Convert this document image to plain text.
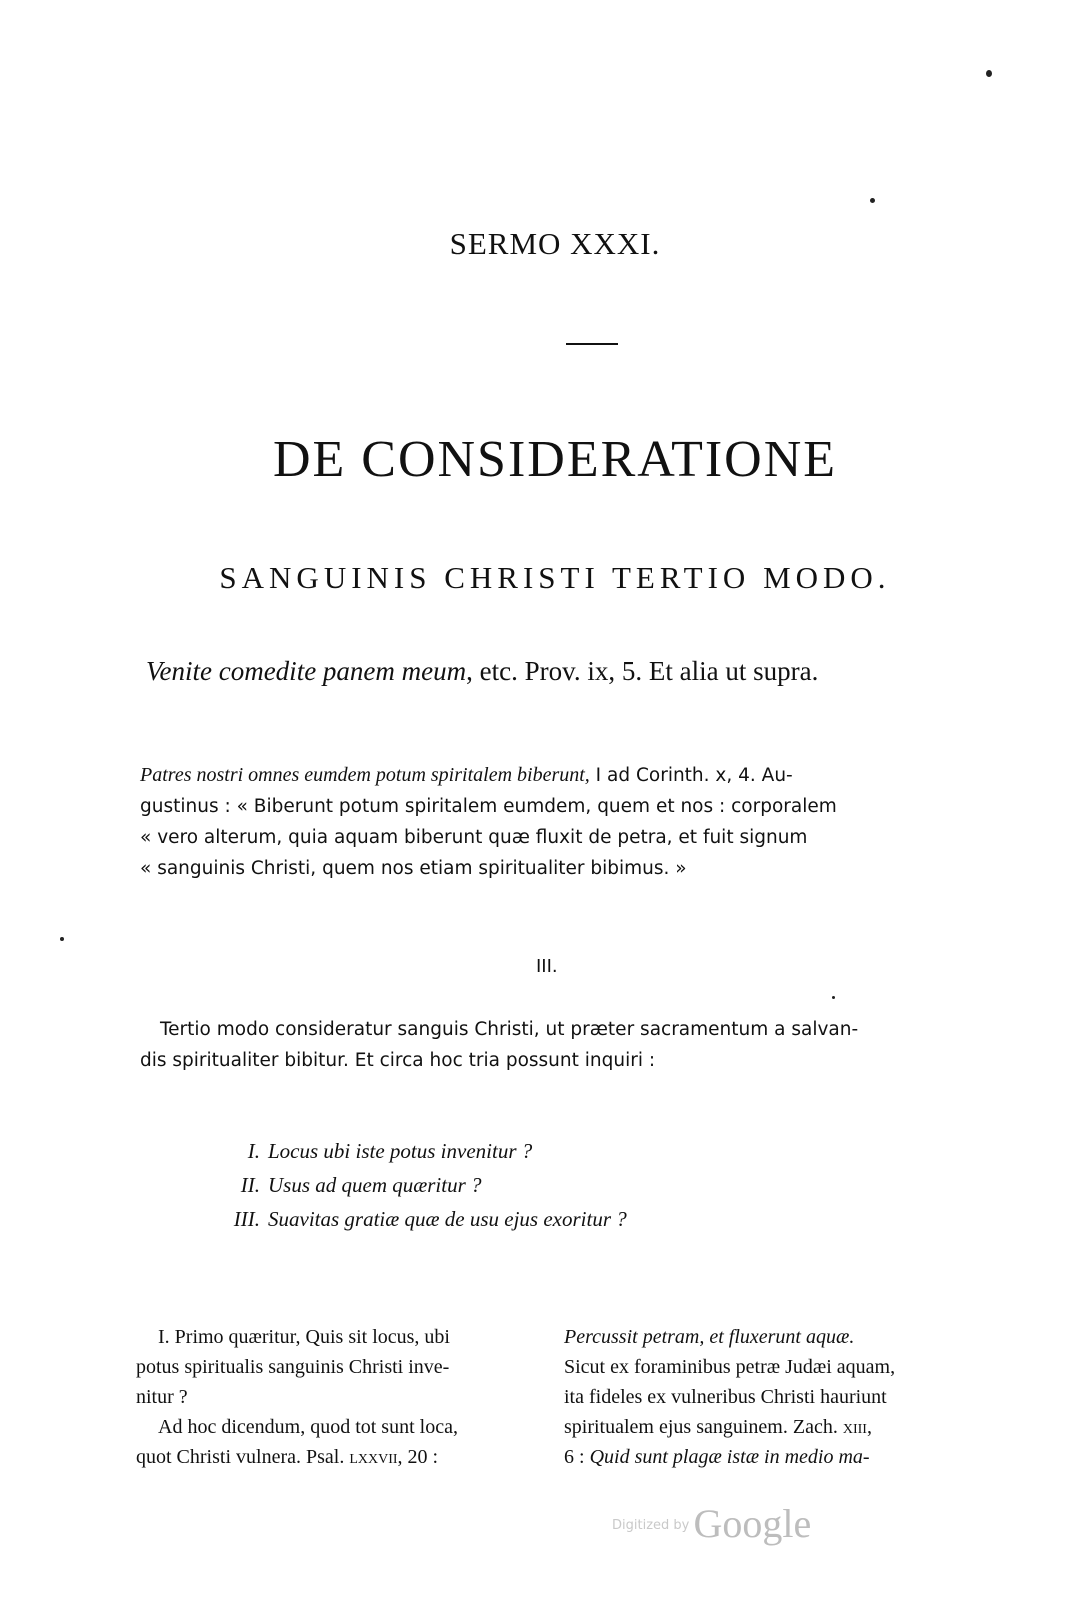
SERMO XXXI.
DE CONSIDERATIONE
SANGUINIS CHRISTI TERTIO MODO.
Venite comedite panem meum, etc. Prov. ix, 5. Et alia ut supra.
Patres nostri omnes eumdem potum spiritalem biberunt, I ad Corinth. x, 4. Au-
gustinus : « Biberunt potum spiritalem eumdem, quem et nos : corporalem
« vero alterum, quia aquam biberunt quæ fluxit de petra, et fuit signum
« sanguinis Christi, quem nos etiam spiritualiter bibimus. »
III.
Tertio modo consideratur sanguis Christi, ut præter sacramentum a salvan-
dis spiritualiter bibitur. Et circa hoc tria possunt inquiri :
I. Locus ubi iste potus invenitur ?
II. Usus ad quem quæritur ?
III. Suavitas gratiæ quæ de usu ejus exoritur ?
I. Primo quæritur, Quis sit locus, ubi
potus spiritualis sanguinis Christi inve-
nitur ?
Ad hoc dicendum, quod tot sunt loca,
quot Christi vulnera. Psal. lxxvii, 20 :
Percussit petram, et fluxerunt aquæ.
Sicut ex foraminibus petræ Judæi aquam,
ita fideles ex vulneribus Christi hauriunt
spiritualem ejus sanguinem. Zach. xiii,
6 : Quid sunt plagæ istæ in medio ma-
Digitized by Google
